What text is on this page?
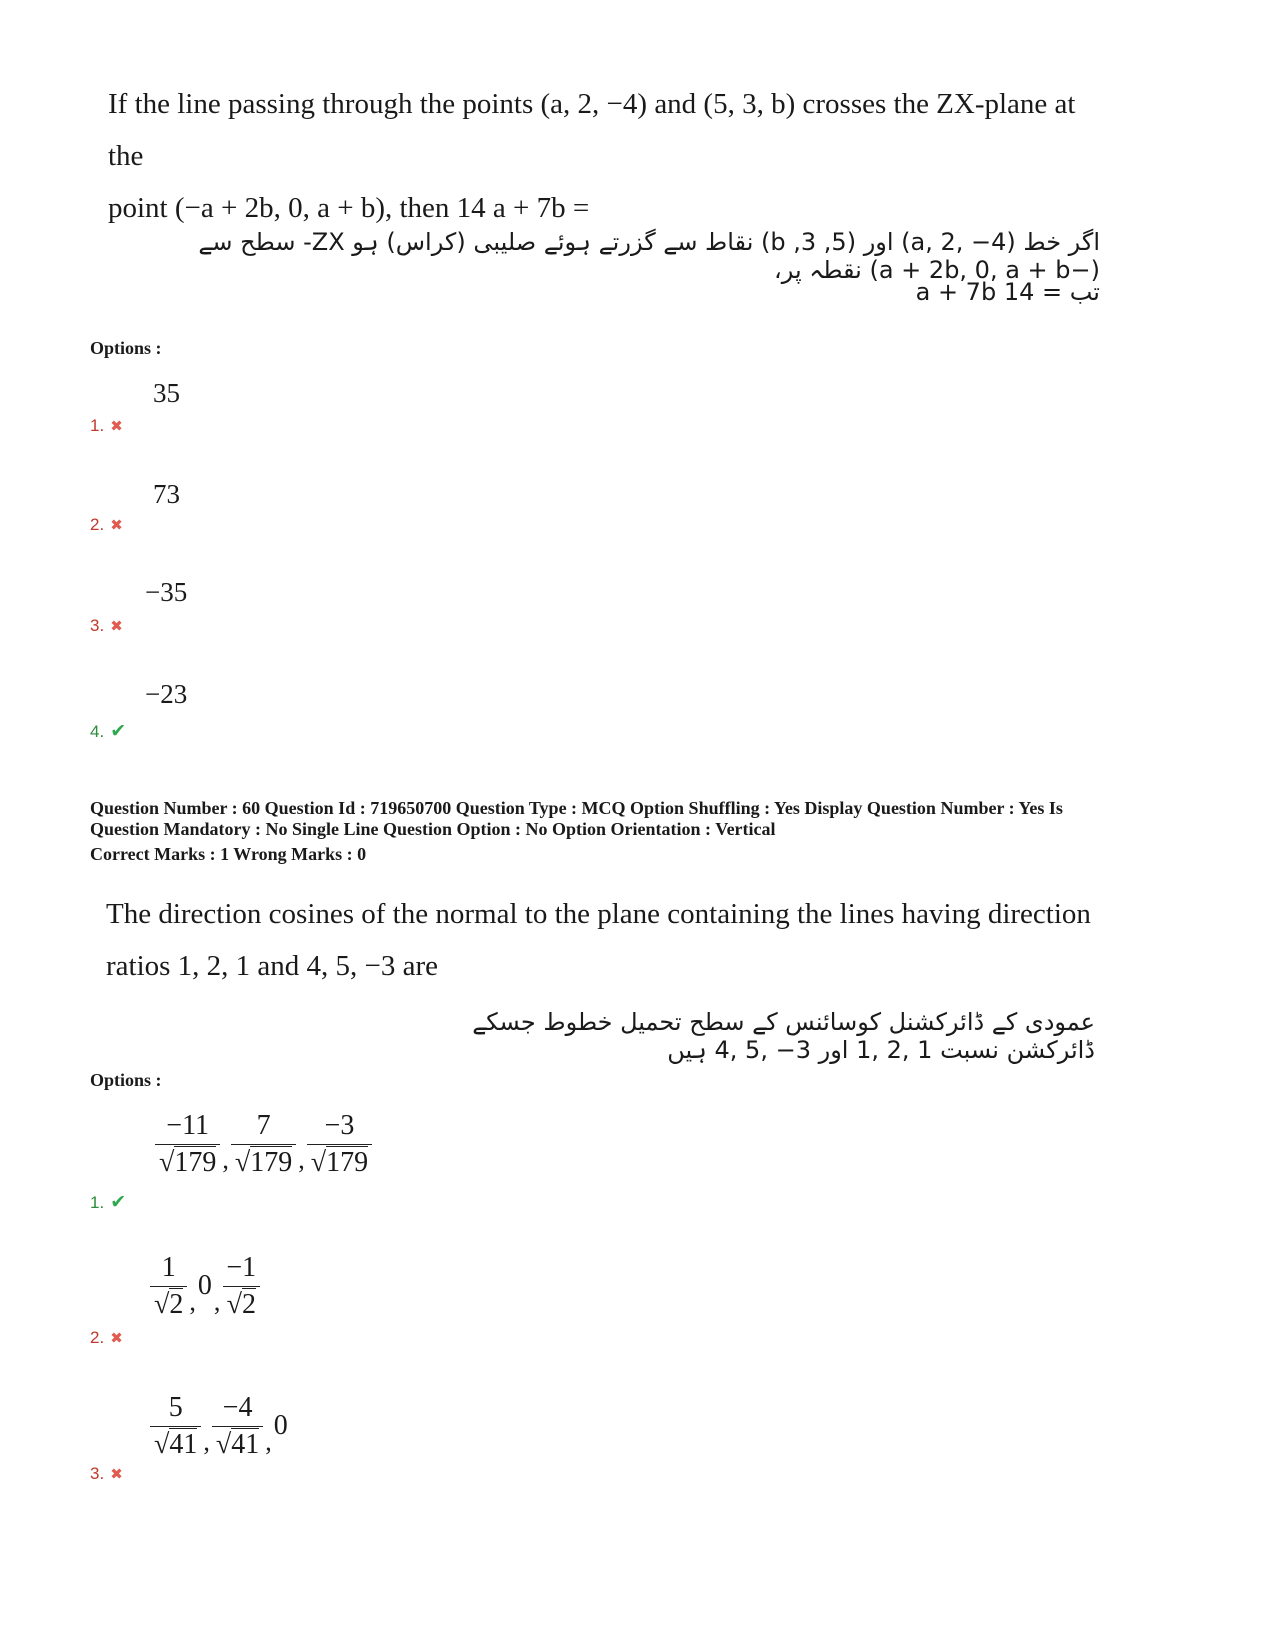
If the line passing through the points (a, 2, −4) and (5, 3, b) crosses the ZX-plane at the
point (−a + 2b, 0, a + b), then 14 a + 7b =
اگر خط (a, 2, −4) اور (5, 3, b) نقاط سے گزرتے ہوئے صلیبی (کراس) ہو ZX- سطح سے (−a + 2b, 0, a + b) نقطہ پر،
تب = 14 a + 7b
Options :
35
1. ✖
73
2. ✖
−35
3. ✖
−23
4. ✔
Question Number : 60 Question Id : 719650700 Question Type : MCQ Option Shuffling : Yes Display Question Number : Yes Is
Question Mandatory : No Single Line Question Option : No Option Orientation : Vertical
Correct Marks : 1 Wrong Marks : 0
The direction cosines of the normal to the plane containing the lines having direction
ratios 1, 2, 1 and 4, 5, −3 are
عمودی کے ڈائرکشنل کوسائنس کے سطح تحمیل خطوط جسکے ڈائرکشن نسبت 1 ,2 ,1 اور 3− ,5 ,4 ہیں
Options :
$\frac{-11}{√179}$ , $\frac{7}{√179}$ , $\frac{-3}{√179}$
1. ✔
$\frac{1}{√2}$ ,
0
, $\frac{-1}{√2}$
2. ✖
$\frac{5}{√41}$ , $\frac{-4}{√41}$ ,
0
3. ✖
